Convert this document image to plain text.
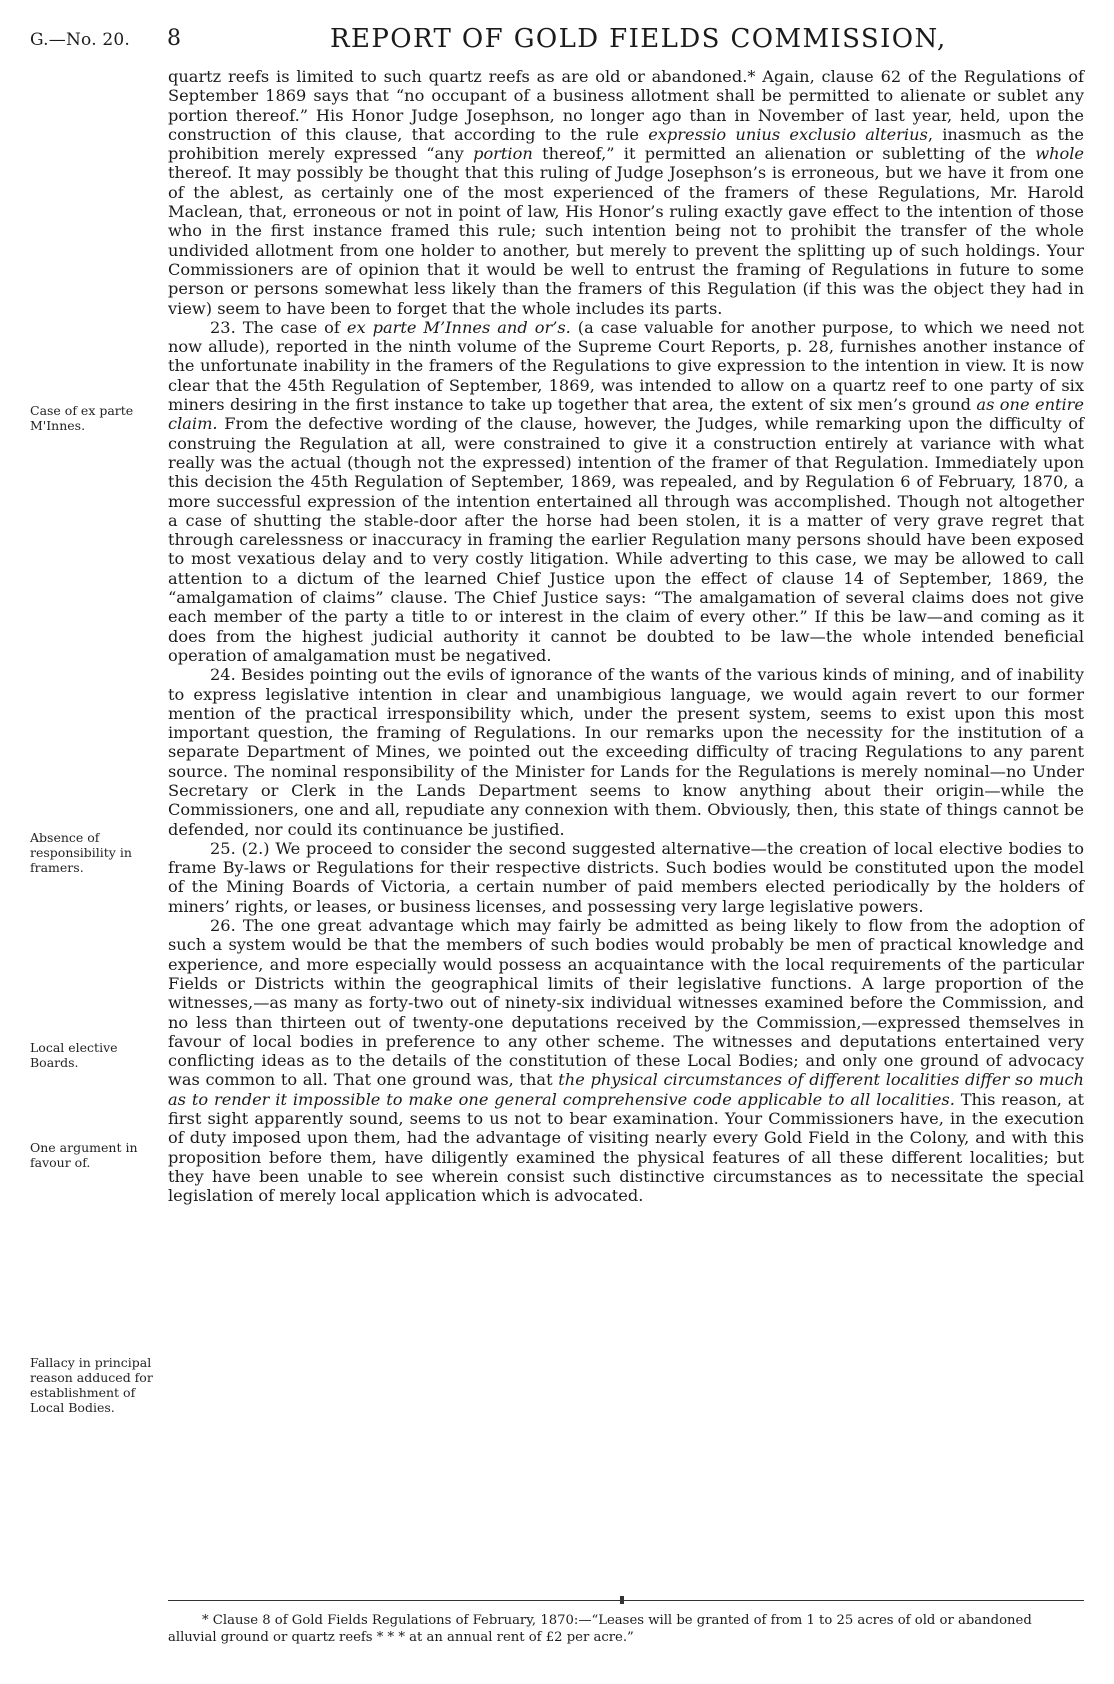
G.—No. 20. 8	REPORT OF GOLD FIELDS COMMISSION,
Case of ex parte M'Innes.
Absence of responsibility in framers.
Local elective Boards.
One argument in favour of.
Fallacy in principal reason adduced for establishment of Local Bodies.

quartz reefs is limited to such quartz reefs as are old or abandoned.* Again, clause 62 of the Regulations of September 1869 says that “no occupant of a business allotment shall be permitted to alienate or sublet any portion thereof.” His Honor Judge Josephson, no longer ago than in November of last year, held, upon the construction of this clause, that according to the rule expressio unius exclusio alterius, inasmuch as the prohibition merely expressed “any portion thereof,” it permitted an alienation or subletting of the whole thereof. It may possibly be thought that this ruling of Judge Josephson’s is erroneous, but we have it from one of the ablest, as certainly one of the most experienced of the framers of these Regulations, Mr. Harold Maclean, that, erroneous or not in point of law, His Honor’s ruling exactly gave effect to the intention of those who in the first instance framed this rule; such intention being not to prohibit the transfer of the whole undivided allotment from one holder to another, but merely to prevent the splitting up of such holdings. Your Commissioners are of opinion that it would be well to entrust the framing of Regulations in future to some person or persons somewhat less likely than the framers of this Regulation (if this was the object they had in view) seem to have been to forget that the whole includes its parts.

23. The case of ex parte M’Innes and or’s. (a case valuable for another purpose, to which we need not now allude), reported in the ninth volume of the Supreme Court Reports, p. 28, furnishes another instance of the unfortunate inability in the framers of the Regulations to give expression to the intention in view. It is now clear that the 45th Regulation of September, 1869, was intended to allow on a quartz reef to one party of six miners desiring in the first instance to take up together that area, the extent of six men’s ground as one entire claim. From the defective wording of the clause, however, the Judges, while remarking upon the difficulty of construing the Regulation at all, were constrained to give it a construction entirely at variance with what really was the actual (though not the expressed) intention of the framer of that Regulation. Immediately upon this decision the 45th Regulation of September, 1869, was repealed, and by Regulation 6 of February, 1870, a more successful expression of the intention entertained all through was accomplished. Though not altogether a case of shutting the stable-door after the horse had been stolen, it is a matter of very grave regret that through carelessness or inaccuracy in framing the earlier Regulation many persons should have been exposed to most vexatious delay and to very costly litigation. While adverting to this case, we may be allowed to call attention to a dictum of the learned Chief Justice upon the effect of clause 14 of September, 1869, the “amalgamation of claims” clause. The Chief Justice says: “The amalgamation of several claims does not give each member of the party a title to or interest in the claim of every other.” If this be law—and coming as it does from the highest judicial authority it cannot be doubted to be law—the whole intended beneficial operation of amalgamation must be negatived.

24. Besides pointing out the evils of ignorance of the wants of the various kinds of mining, and of inability to express legislative intention in clear and unambigious language, we would again revert to our former mention of the practical irresponsibility which, under the present system, seems to exist upon this most important question, the framing of Regulations. In our remarks upon the necessity for the institution of a separate Department of Mines, we pointed out the exceeding difficulty of tracing Regulations to any parent source. The nominal responsibility of the Minister for Lands for the Regulations is merely nominal—no Under Secretary or Clerk in the Lands Department seems to know anything about their origin—while the Commissioners, one and all, repudiate any connexion with them. Obviously, then, this state of things cannot be defended, nor could its continuance be justified.

25. (2.) We proceed to consider the second suggested alternative—the creation of local elective bodies to frame By-laws or Regulations for their respective districts. Such bodies would be constituted upon the model of the Mining Boards of Victoria, a certain number of paid members elected periodically by the holders of miners’ rights, or leases, or business licenses, and possessing very large legislative powers.

26. The one great advantage which may fairly be admitted as being likely to flow from the adoption of such a system would be that the members of such bodies would probably be men of practical knowledge and experience, and more especially would possess an acquaintance with the local requirements of the particular Fields or Districts within the geographical limits of their legislative functions. A large proportion of the witnesses,—as many as forty-two out of ninety-six individual witnesses examined before the Commission, and no less than thirteen out of twenty-one deputations received by the Commission,—expressed themselves in favour of local bodies in preference to any other scheme. The witnesses and deputations entertained very conflicting ideas as to the details of the constitution of these Local Bodies; and only one ground of advocacy was common to all. That one ground was, that the physical circumstances of different localities differ so much as to render it impossible to make one general comprehensive code applicable to all localities. This reason, at first sight apparently sound, seems to us not to bear examination. Your Commissioners have, in the execution of duty imposed upon them, had the advantage of visiting nearly every Gold Field in the Colony, and with this proposition before them, have diligently examined the physical features of all these different localities; but they have been unable to see wherein consist such distinctive circumstances as to necessitate the special legislation of merely local application which is advocated.

* Clause 8 of Gold Fields Regulations of February, 1870:—“Leases will be granted of from 1 to 25 acres of old or abandoned alluvial ground or quartz reefs * * * at an annual rent of £2 per acre.”
